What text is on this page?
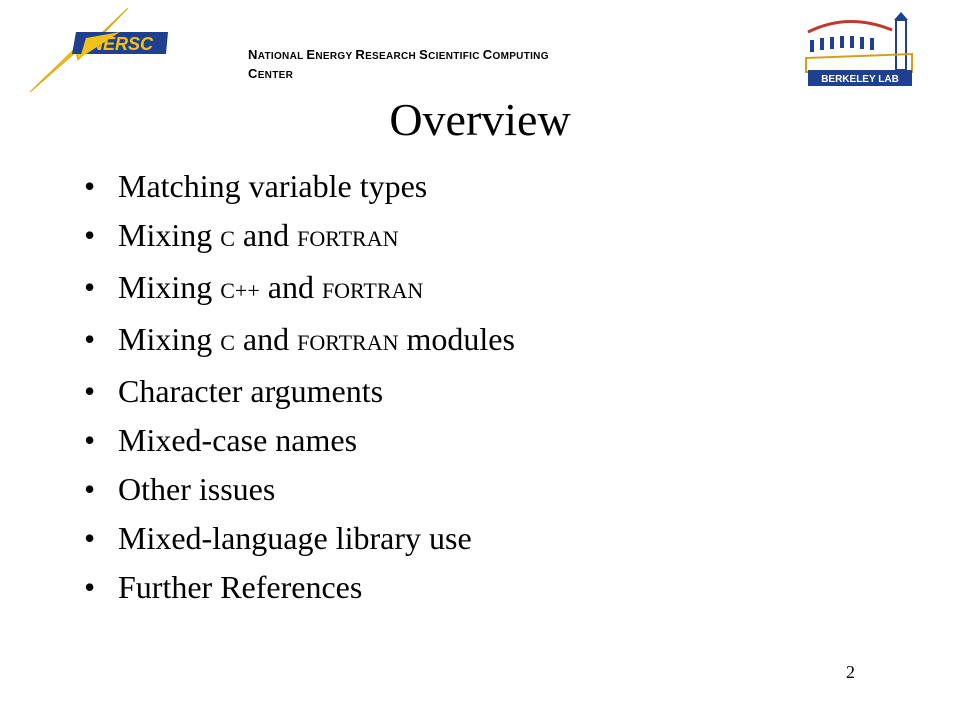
NERSC
NATIONAL ENERGY RESEARCH SCIENTIFIC COMPUTING
CENTER	BERKELEY LAB
Overview
• Matching variable types
• Mixing C and FORTRAN
• Mixing C++ and FORTRAN
• Mixing C and FORTRAN modules
• Character arguments
• Mixed-case names
• Other issues
• Mixed-language library use
• Further References
2
